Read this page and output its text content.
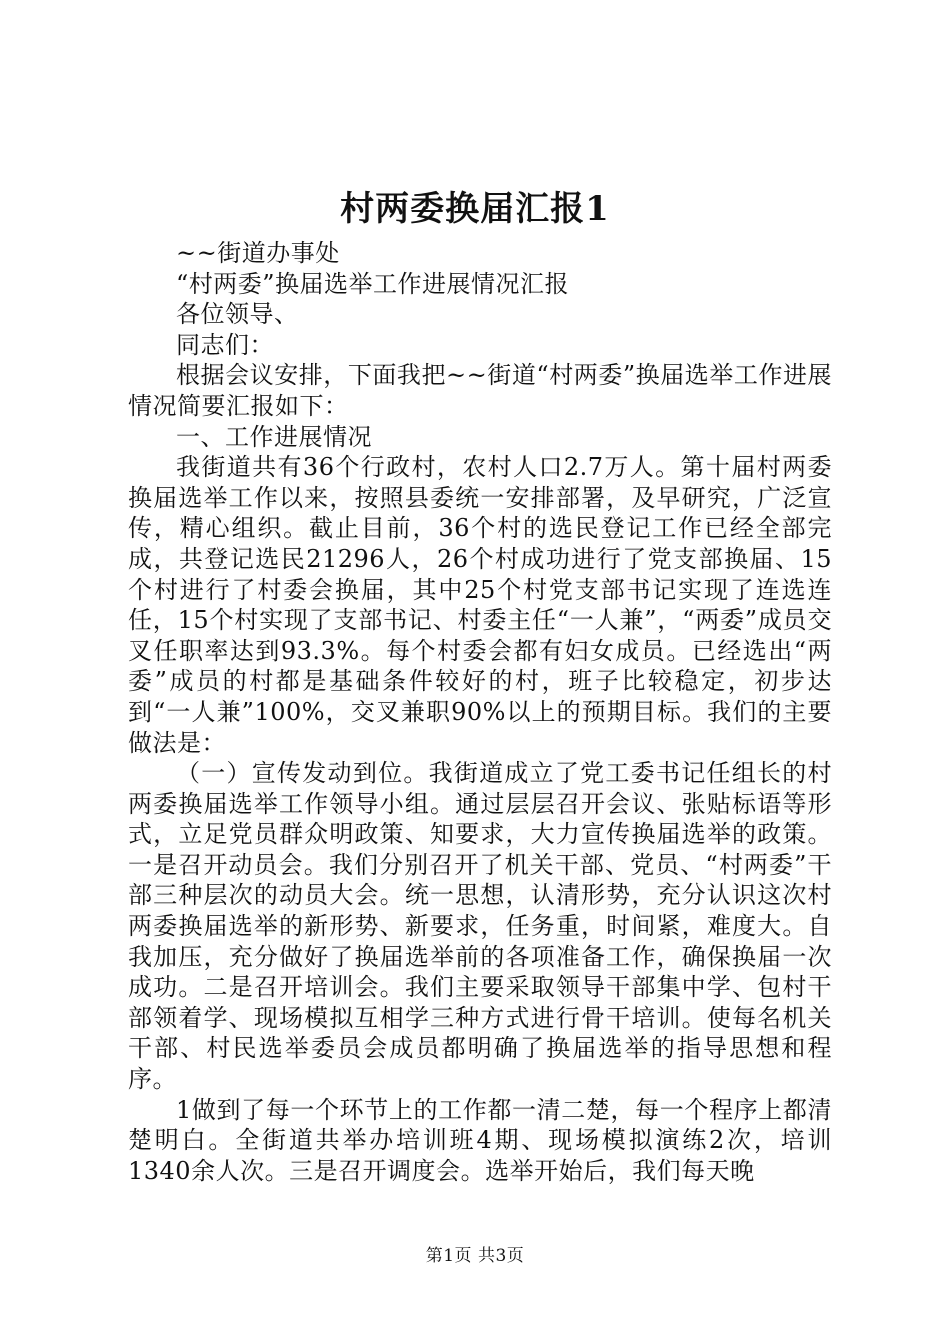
村两委换届汇报1

~~街道办事处

“村两委”换届选举工作进展情况汇报

各位领导、

同志们：

根据会议安排，下面我把~~街道“村两委”换届选举工作进展情况简要汇报如下：

一、工作进展情况

我街道共有36个行政村，农村人口2.7万人。第十届村两委换届选举工作以来，按照县委统一安排部署，及早研究，广泛宣传，精心组织。截止目前，36个村的选民登记工作已经全部完成，共登记选民21296人，26个村成功进行了党支部换届、15个村进行了村委会换届，其中25个村党支部书记实现了连选连任，15个村实现了支部书记、村委主任“一人兼”，“两委”成员交叉任职率达到93.3%。每个村委会都有妇女成员。已经选出“两委”成员的村都是基础条件较好的村，班子比较稳定，初步达到“一人兼”100%，交叉兼职90%以上的预期目标。我们的主要做法是：

（一）宣传发动到位。我街道成立了党工委书记任组长的村两委换届选举工作领导小组。通过层层召开会议、张贴标语等形式，立足党员群众明政策、知要求，大力宣传换届选举的政策。一是召开动员会。我们分别召开了机关干部、党员、“村两委”干部三种层次的动员大会。统一思想，认清形势，充分认识这次村两委换届选举的新形势、新要求，任务重，时间紧，难度大。自我加压，充分做好了换届选举前的各项准备工作，确保换届一次成功。二是召开培训会。我们主要采取领导干部集中学、包村干部领着学、现场模拟互相学三种方式进行骨干培训。使每名机关干部、村民选举委员会成员都明确了换届选举的指导思想和程序。

1做到了每一个环节上的工作都一清二楚，每一个程序上都清楚明白。全街道共举办培训班4期、现场模拟演练2次，培训1340余人次。三是召开调度会。选举开始后，我们每天晚

第1页 共3页
